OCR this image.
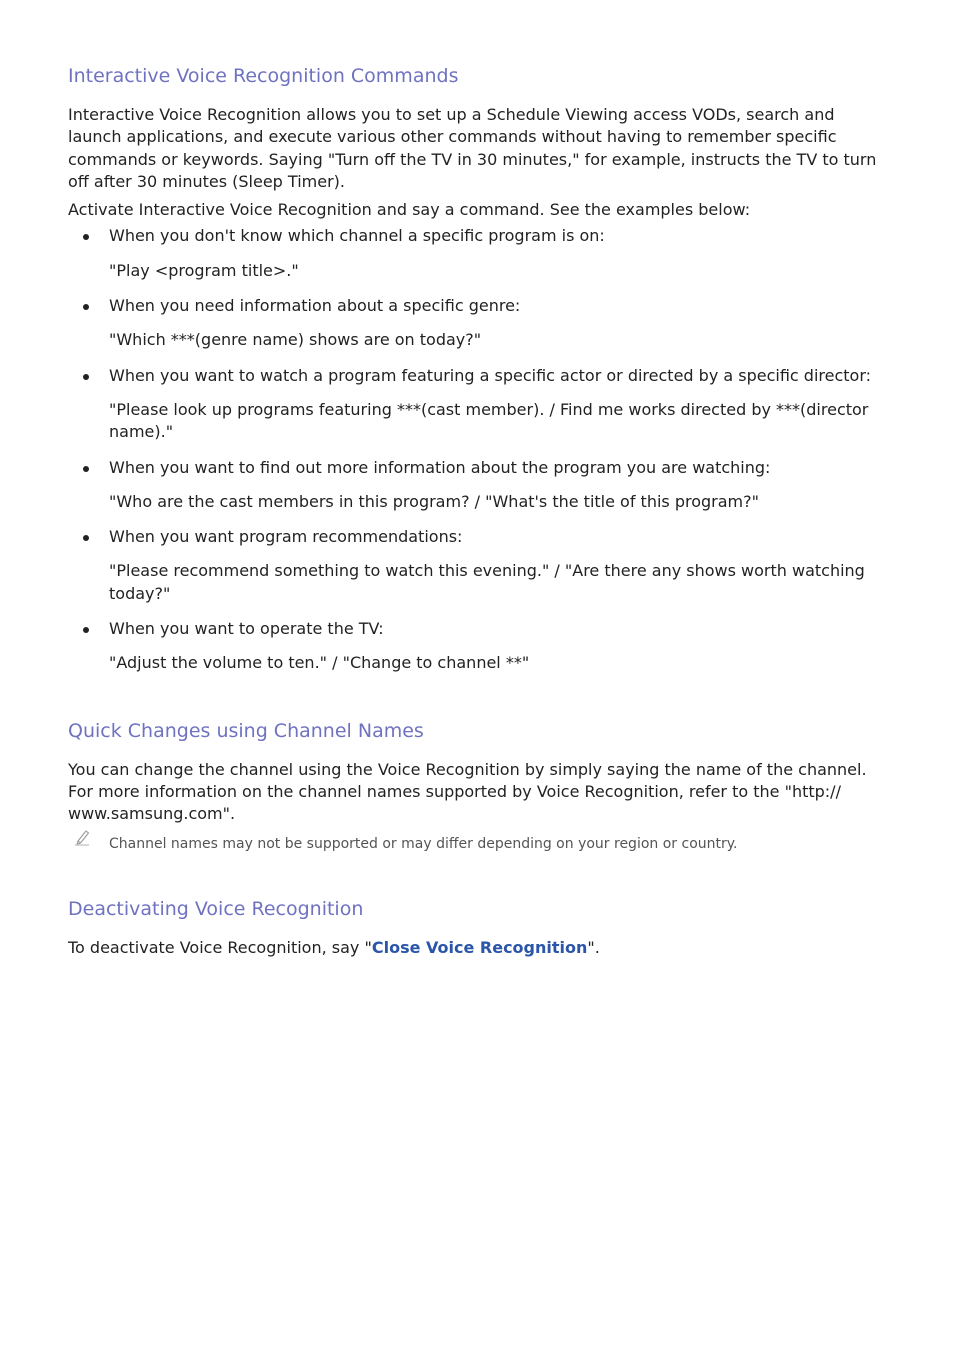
Interactive Voice Recognition Commands

Interactive Voice Recognition allows you to set up a Schedule Viewing access VODs, search and launch applications, and execute various other commands without having to remember specific commands or keywords. Saying "Turn off the TV in 30 minutes," for example, instructs the TV to turn off after 30 minutes (Sleep Timer).

Activate Interactive Voice Recognition and say a command. See the examples below:

When you don't know which channel a specific program is on:

"Play <program title>."

When you need information about a specific genre:

"Which ***(genre name) shows are on today?"

When you want to watch a program featuring a specific actor or directed by a specific director:

"Please look up programs featuring ***(cast member). / Find me works directed by ***(director name)."

When you want to find out more information about the program you are watching:

"Who are the cast members in this program? / "What's the title of this program?"

When you want program recommendations:

"Please recommend something to watch this evening." / "Are there any shows worth watching today?"

When you want to operate the TV:

"Adjust the volume to ten." / "Change to channel **"

Quick Changes using Channel Names

You can change the channel using the Voice Recognition by simply saying the name of the channel. For more information on the channel names supported by Voice Recognition, refer to the "http:// www.samsung.com".

Channel names may not be supported or may differ depending on your region or country.
Deactivating Voice Recognition

To deactivate Voice Recognition, say "Close Voice Recognition".
